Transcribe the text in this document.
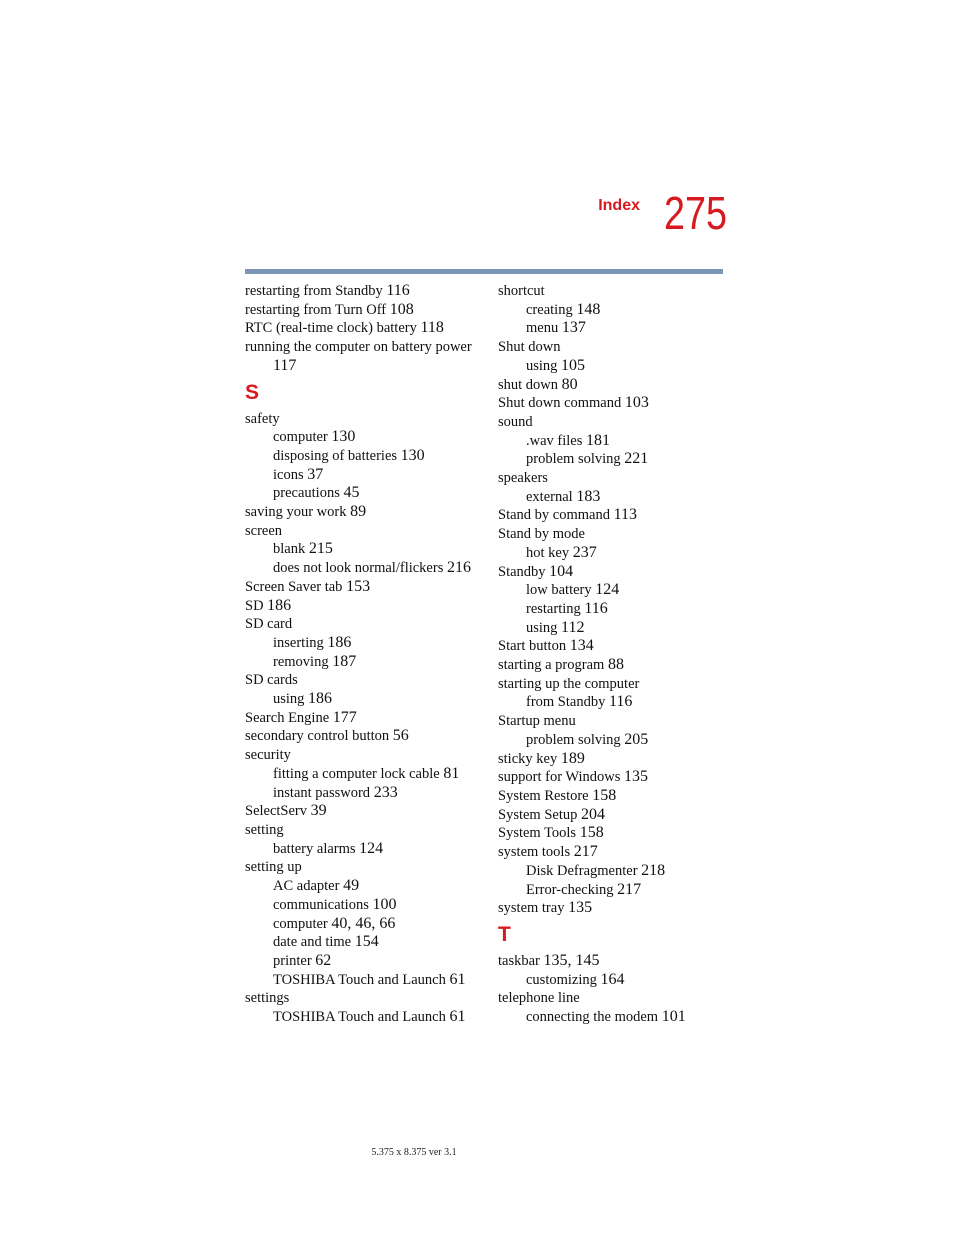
Index 275
restarting from Standby 116
restarting from Turn Off 108
RTC (real-time clock) battery 118
running the computer on battery power
117
S
safety
computer 130
disposing of batteries 130
icons 37
precautions 45
saving your work 89
screen
blank 215
does not look normal/flickers 216
Screen Saver tab 153
SD 186
SD card
inserting 186
removing 187
SD cards
using 186
Search Engine 177
secondary control button 56
security
fitting a computer lock cable 81
instant password 233
SelectServ 39
setting
battery alarms 124
setting up
AC adapter 49
communications 100
computer 40, 46, 66
date and time 154
printer 62
TOSHIBA Touch and Launch 61
settings
TOSHIBA Touch and Launch 61
shortcut
creating 148
menu 137
Shut down
using 105
shut down 80
Shut down command 103
sound
.wav files 181
problem solving 221
speakers
external 183
Stand by command 113
Stand by mode
hot key 237
Standby 104
low battery 124
restarting 116
using 112
Start button 134
starting a program 88
starting up the computer
from Standby 116
Startup menu
problem solving 205
sticky key 189
support for Windows 135
System Restore 158
System Setup 204
System Tools 158
system tools 217
Disk Defragmenter 218
Error-checking 217
system tray 135
T
taskbar 135, 145
customizing 164
telephone line
connecting the modem 101
5.375 x 8.375 ver 3.1
